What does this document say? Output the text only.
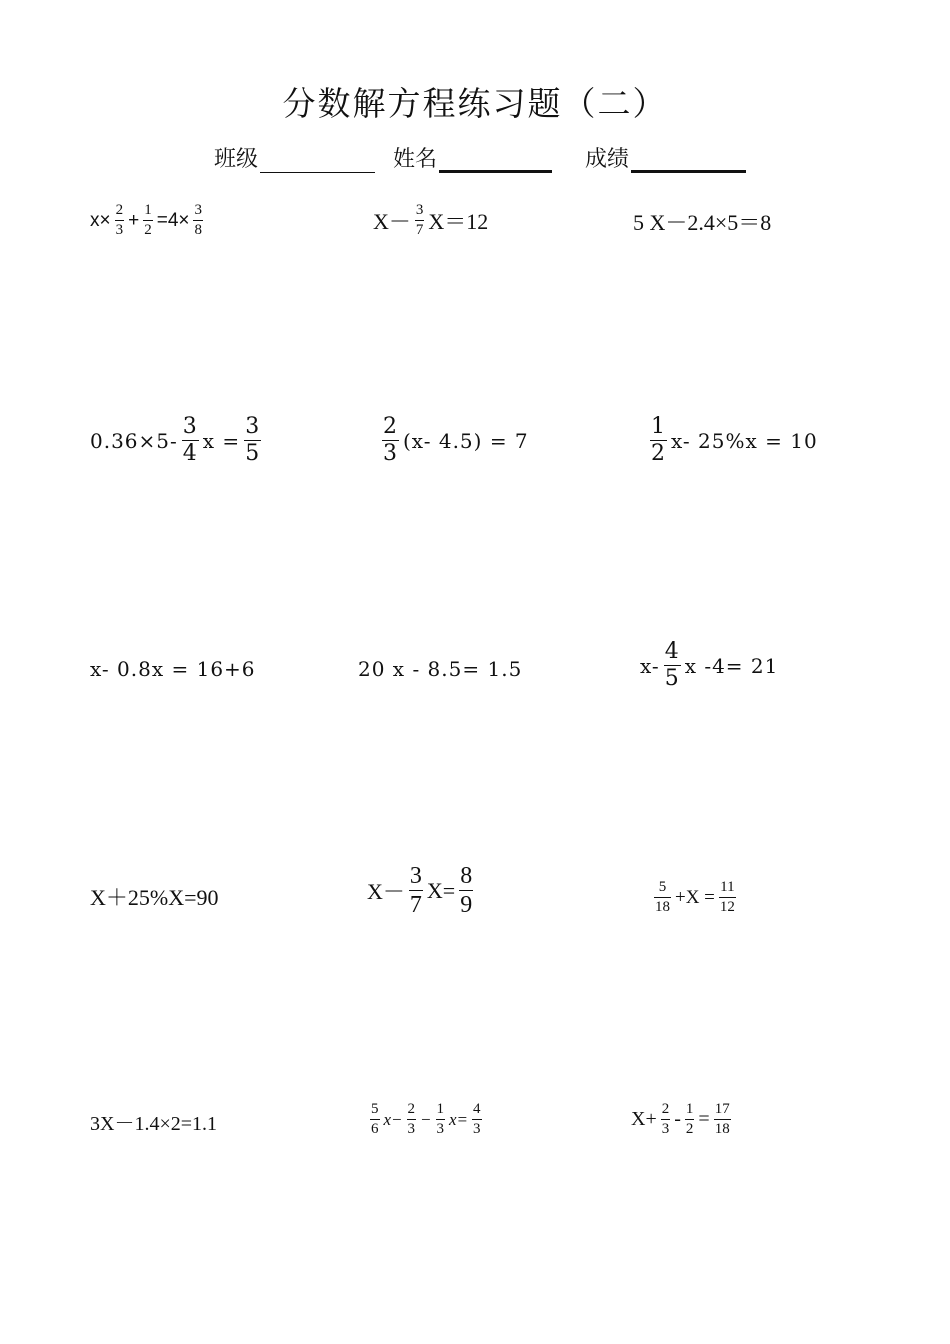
分数解方程练习题（二）
班级	姓名	成绩
$x\times \frac{2}{3} + \frac{1}{2} =4\times \frac{3}{8}$	$X- \frac{3}{7} X=12$	5 X－2.4×5＝8
$0.36\times 5- \frac{3}{4}$ $x = \frac{3}{5}$	$\frac{2}{3} (x-$ 4.5) = 7	$\frac{1}{2} x-$ 25%x = 10
x- 0.8x = 16+6	20 x - 8.5= 1.5	$x- \frac{4}{5}$ x -4= 21
X＋25%X=90	$X- \frac{3}{7} X= \frac{8}{9}$	$\frac{5}{18} +X = \frac{11}{12}$
3X－1.4×2=1.1	$\frac{5}{6} x- \frac{2}{3} - \frac{1}{3} x= \frac{4}{3}$	$X+ \frac{2}{3} - \frac{1}{2} = \frac{17}{18}$
